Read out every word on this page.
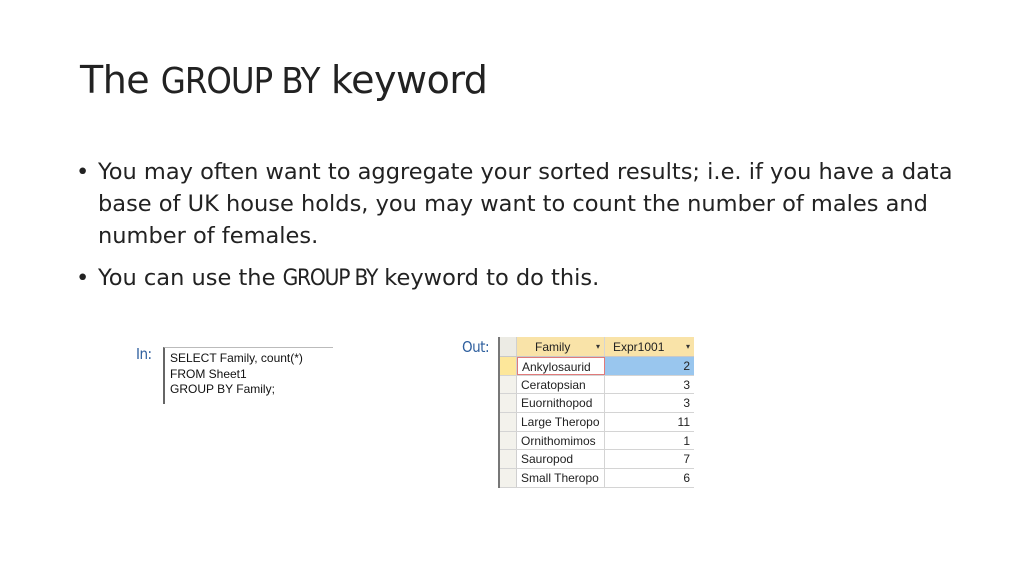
The GROUP BY keyword
• You may often want to aggregate your sorted results; i.e. if you have a data base of UK house holds, you may want to count the number of males and number of females.
• You can use the GROUP BY keyword to do this.
In: SELECT Family, count(*)
FROM Sheet1
GROUP BY Family;
Out:	Family	▾	Expr1001	▾
Ankylosaurid	2
Ceratopsian	3
Euornithopod	3
Large Theropo	11
Ornithomimos	1
Sauropod	7
Small Theropo	6
